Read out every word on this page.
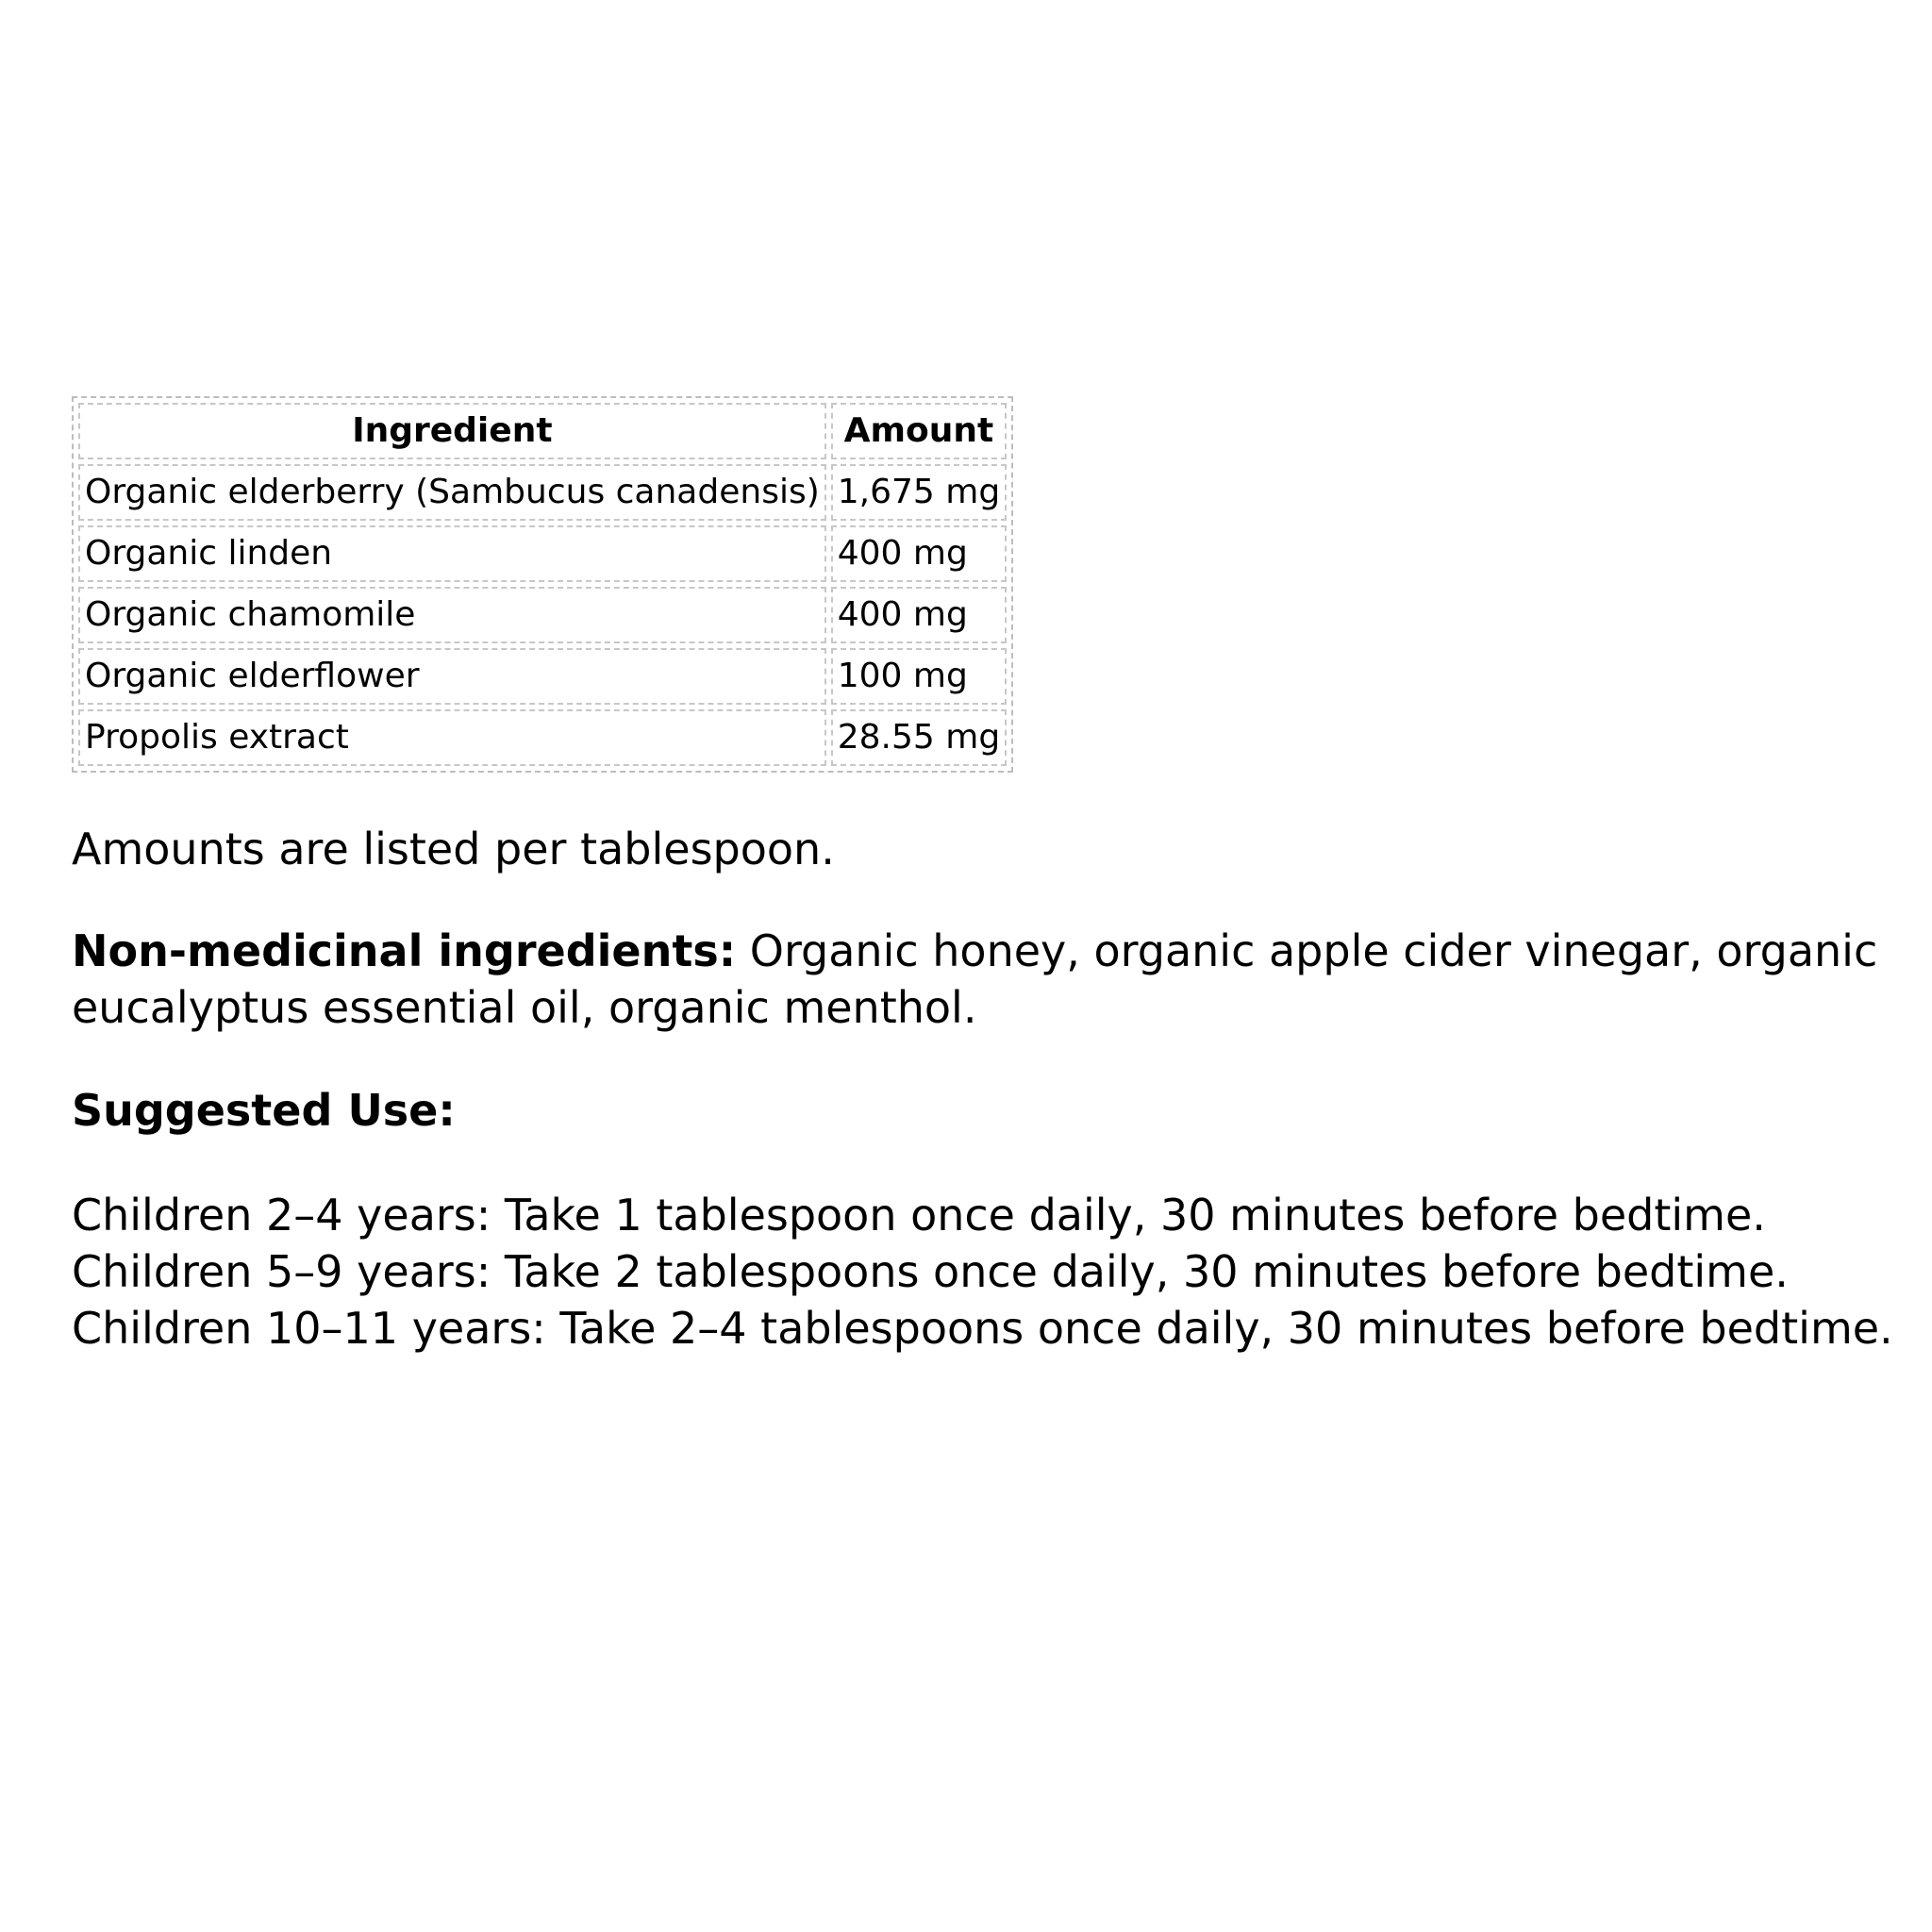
Ingredient	Amount
Organic elderberry (Sambucus canadensis)	1,675 mg
Organic linden	400 mg
Organic chamomile	400 mg
Organic elderflower	100 mg
Propolis extract	28.55 mg

Amounts are listed per tablespoon.

Non-medicinal ingredients: Organic honey, organic apple cider vinegar, organic eucalyptus essential oil, organic menthol.

Suggested Use:
Children 2–4 years: Take 1 tablespoon once daily, 30 minutes before bedtime.
Children 5–9 years: Take 2 tablespoons once daily, 30 minutes before bedtime.
Children 10–11 years: Take 2–4 tablespoons once daily, 30 minutes before bedtime.
